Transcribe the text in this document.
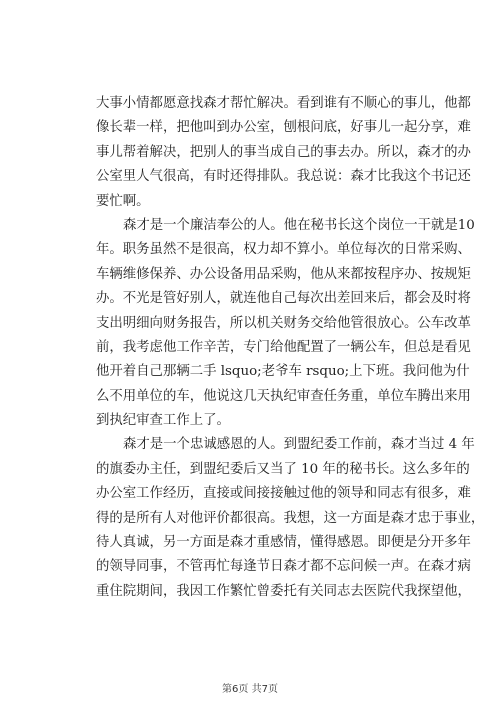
大事小情都愿意找森才帮忙解决。看到谁有不顺心的事儿，他都
像长辈一样，把他叫到办公室，刨根问底，好事儿一起分享，难
事儿帮着解决，把别人的事当成自己的事去办。所以，森才的办
公室里人气很高，有时还得排队。我总说：森才比我这个书记还
要忙啊。
森才是一个廉洁奉公的人。他在秘书长这个岗位一干就是10
年。职务虽然不是很高，权力却不算小。单位每次的日常采购、
车辆维修保养、办公设备用品采购，他从来都按程序办、按规矩
办。不光是管好别人，就连他自己每次出差回来后，都会及时将
支出明细向财务报告，所以机关财务交给他管很放心。公车改革
前，我考虑他工作辛苦，专门给他配置了一辆公车，但总是看见
他开着自己那辆二手 lsquo;老爷车 rsquo;上下班。我问他为什
么不用单位的车，他说这几天执纪审查任务重，单位车腾出来用
到执纪审查工作上了。
森才是一个忠诚感恩的人。到盟纪委工作前，森才当过 4 年
的旗委办主任，到盟纪委后又当了 10 年的秘书长。这么多年的
办公室工作经历，直接或间接接触过他的领导和同志有很多，难
得的是所有人对他评价都很高。我想，这一方面是森才忠于事业，
待人真诚，另一方面是森才重感情，懂得感恩。即便是分开多年
的领导同事，不管再忙每逢节日森才都不忘问候一声。在森才病
重住院期间，我因工作繁忙曾委托有关同志去医院代我探望他，
第6页 共7页
